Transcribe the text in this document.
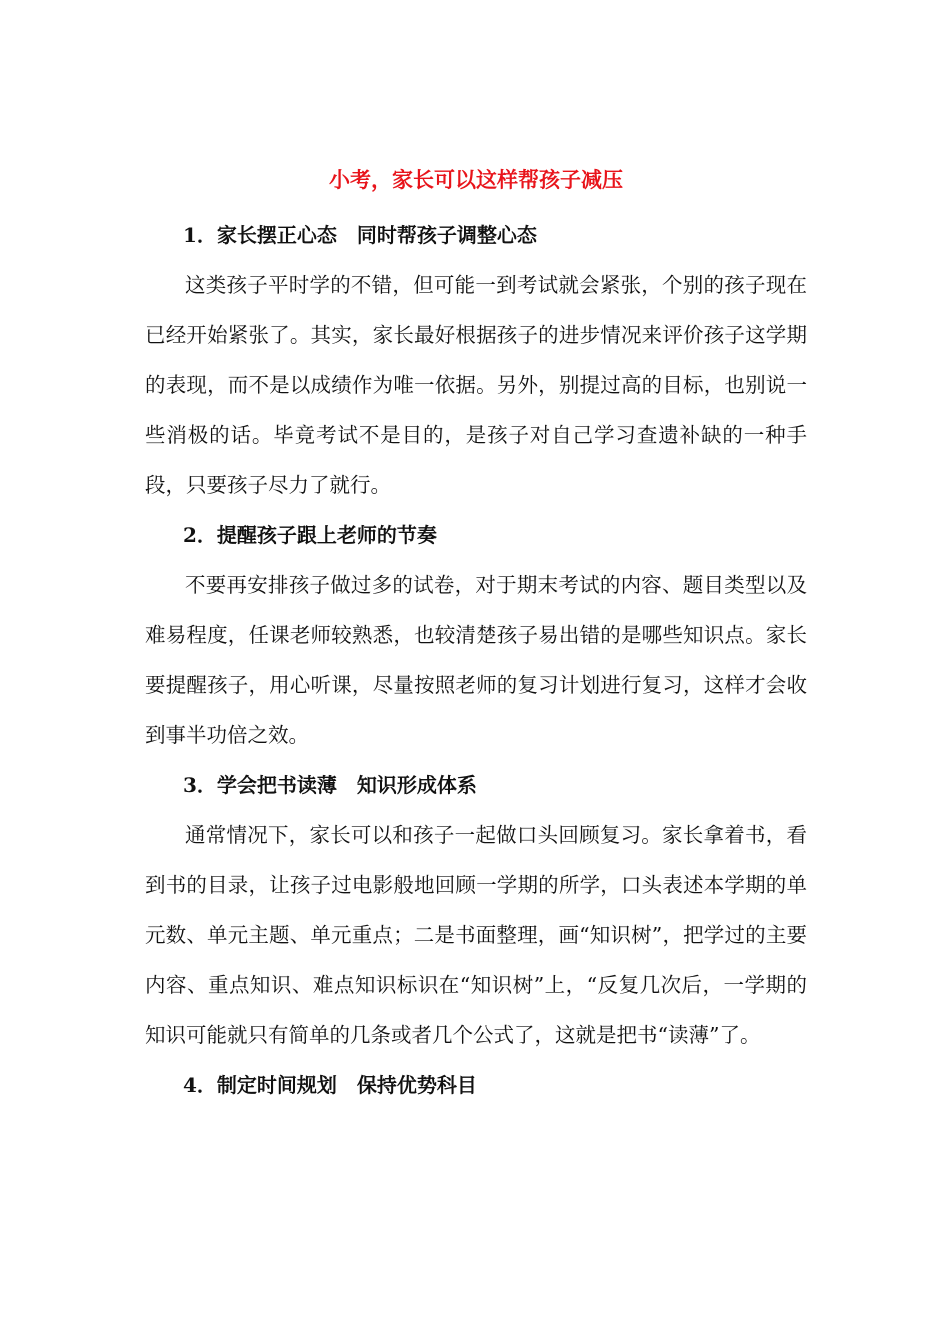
小考，家长可以这样帮孩子减压
1．家长摆正心态　同时帮孩子调整心态

这类孩子平时学的不错，但可能一到考试就会紧张，个别的孩子现在已经开始紧张了。其实，家长最好根据孩子的进步情况来评价孩子这学期的表现，而不是以成绩作为唯一依据。另外，别提过高的目标，也别说一些消极的话。毕竟考试不是目的，是孩子对自己学习查遗补缺的一种手段，只要孩子尽力了就行。

2．提醒孩子跟上老师的节奏

不要再安排孩子做过多的试卷，对于期末考试的内容、题目类型以及难易程度，任课老师较熟悉，也较清楚孩子易出错的是哪些知识点。家长要提醒孩子，用心听课，尽量按照老师的复习计划进行复习，这样才会收到事半功倍之效。

3．学会把书读薄　知识形成体系

通常情况下，家长可以和孩子一起做口头回顾复习。家长拿着书，看到书的目录，让孩子过电影般地回顾一学期的所学，口头表述本学期的单元数、单元主题、单元重点；二是书面整理，画“知识树”，把学过的主要内容、重点知识、难点知识标识在“知识树”上，“反复几次后，一学期的知识可能就只有简单的几条或者几个公式了，这就是把书“读薄”了。

4．制定时间规划　保持优势科目
